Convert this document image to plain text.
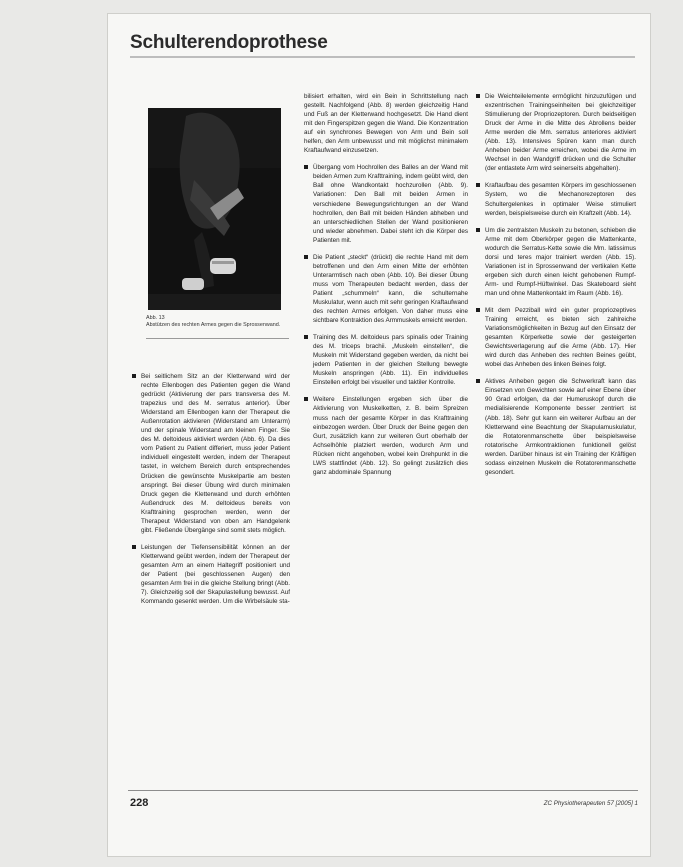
Schulterendoprothese
Abb. 13
Abstützen des rechten Armes gegen die Sprossenwand.

Bei seitlichem Sitz an der Kletterwand wird der rechte Ellenbogen des Patienten gegen die Wand gedrückt (Aktivierung der pars transversa des M. trapezius und des M. serratus anterior). Über Widerstand am Ellenbogen kann der Therapeut die Außenrotation aktivieren (Widerstand am Unterarm) und der spinale Widerstand am kleinen Finger. Sie des M. deltoideus aktiviert werden (Abb. 6). Da dies vom Patient zu Patient differiert, muss jeder Patient individuell eingestellt werden, indem der Therapeut tastet, in welchem Bereich durch entsprechendes Drücken die gewünschte Muskelpartie am besten anspringt. Bei dieser Übung wird durch minimalen Druck gegen die Kletterwand und durch erhöhten Außendruck des M. deltoideus bereits von Krafttraining gesprochen werden, wenn der Therapeut Widerstand von oben am Handgelenk gibt. Fließende Übergänge sind somit stets möglich.

Leistungen der Tiefensensibilität können an der Kletterwand geübt werden, indem der Therapeut der gesamten Arm an einem Haltegriff positioniert und der Patient (bei geschlossenen Augen) den gesamten Arm frei in die gleiche Stellung bringt (Abb. 7). Gleichzeitig soll der Skapulastellung bewusst. Auf Kommando gesenkt werden. Um die Wirbelsäule sta-

bilisiert erhalten, wird ein Bein in Schrittstellung nach gestellt. Nachfolgend (Abb. 8) werden gleichzeitig Hand und Fuß an der Kletterwand hochgesetzt. Die Hand dient mit den Fingerspitzen gegen die Wand. Die Konzentration auf ein synchrones Bewegen von Arm und Bein soll helfen, den Arm unbewusst und mit möglichst minimalem Kraftaufwand einzusetzen.

Übergang vom Hochrollen des Balles an der Wand mit beiden Armen zum Krafttraining, indem geübt wird, den Ball ohne Wandkontakt hochzurollen (Abb. 9). Variationen: Den Ball mit beiden Armen in verschiedene Bewegungsrichtungen an der Wand hochrollen, den Ball mit beiden Händen abheben und an unterschiedlichen Stellen der Wand positionieren und wieder abnehmen. Dabei steht ich die Körper des Patienten mit.

Die Patient „steckt“ (drückt) die rechte Hand mit dem betroffenen und den Arm einen Mitte der erhöhten Unterarmtisch nach oben (Abb. 10). Bei dieser Übung muss vom Therapeuten bedacht werden, dass der Patient „schummeln“ kann, die schulternahe Muskulatur, wenn auch mit sehr geringen Kraftaufwand des rechten Armes erfolgen. Von daher muss eine sichtbare Kontraktion des Armmuskels erreicht werden.

Training des M. deltoideus pars spinalis oder Training des M. triceps brachii. „Muskeln einstellen“, die Muskeln mit Widerstand gegeben werden, da nicht bei jedem Patienten in der gleichen Stellung bewegte Muskeln anspringen (Abb. 11). Ein individuelles Einstellen erfolgt bei visueller und taktiler Kontrolle.

Weitere Einstellungen ergeben sich über die Aktivierung von Muskelketten, z. B. beim Spreizen muss nach der gesamte Körper in das Krafttraining einbezogen werden. Über Druck der Beine gegen den Gurt, zusätzlich kann zur weiteren Gurt oberhalb der Achselhöhle platziert werden, wodurch Arm und Rücken nicht angehoben, wobei kein Drehpunkt in die LWS stattfindet (Abb. 12). So gelingt zusätzlich dies ganz abdominale Spannung

Die Weichteilelemente ermöglicht hinzuzufügen und exzentrischen Trainingseinheiten bei gleichzeitiger Stimulierung der Propriozeptoren. Durch beidseitigen Druck der Arme in die Mitte des Abrollens beider Arme werden die Mm. serratus anteriores aktiviert (Abb. 13). Intensives Spüren kann man durch Anheben beider Arme erreichen, wobei die Arme im Wechsel in den Wandgriff drücken und die Schulter (der entlastete Arm wird seinerseits abgehalten).

Kraftaufbau des gesamten Körpers im geschlossenen System, wo die Mechanorezeptoren des Schultergelenkes in optimaler Weise stimuliert werden, beispielsweise durch ein Kraftzelt (Abb. 14).

Um die zentralsten Muskeln zu betonen, schieben die Arme mit dem Oberkörper gegen die Mattenkante, wodurch die Serratus-Kette sowie die Mm. latissimus dorsi und teres major trainiert werden (Abb. 15). Variationen ist in Sprossenwand der vertikalen Kette ergeben sich durch einen leicht gehobenen Rumpf-Arm- und Rumpf-Hüftwinkel. Das Skateboard sieht man und ohne Mattenkontakt im Raum (Abb. 16).

Mit dem Pezziball wird ein guter propriozeptives Training erreicht, es bieten sich zahlreiche Variationsmöglichkeiten in Bezug auf den Einsatz der gesamten Körperkette sowie der gesteigerten Gewichtsverlagerung auf die Arme (Abb. 17). Hier wird durch das Anheben des rechten Beines geübt, wobei das Anheben des linken Beines folgt.

Aktives Anheben gegen die Schwerkraft kann das Einsetzen von Gewichten sowie auf einer Ebene über 90 Grad erfolgen, da der Humeruskopf durch die medialisierende Komponente besser zentriert ist (Abb. 18). Sehr gut kann ein weiterer Aufbau an der Kletterwand eine Beachtung der Skapulamuskulatur, die Rotatorenmanschette über beispielsweise rotatorische Armkontraktionen funktionell gelöst werden. Darüber hinaus ist ein Training der Kräftigen sodass einzelnen Muskeln die Rotatorenmanschette gesondert.

228	ZC Physiotherapeuten 57 [2005] 1
